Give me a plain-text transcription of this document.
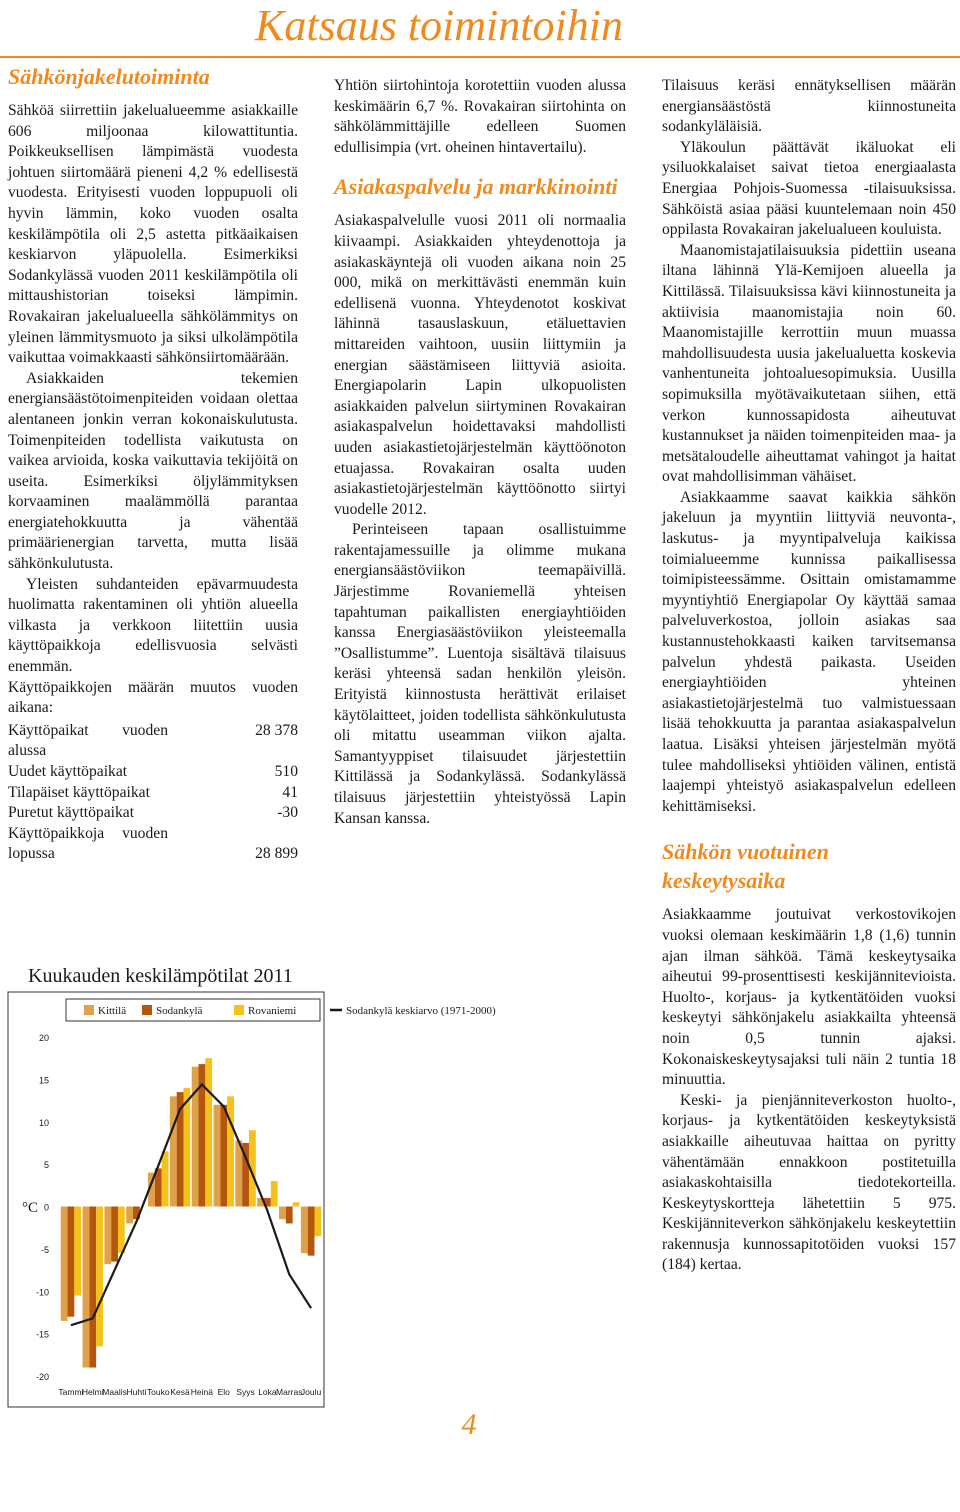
Katsaus toimintoihin
Sähkönjakelutoiminta

Sähköä siirrettiin jakelualueemme asiakkaille 606 miljoonaa kilowattituntia. Poikkeuksellisen lämpimästä vuodesta johtuen siirtomäärä pieneni 4,2 % edellisestä vuodesta. Erityisesti vuoden loppupuoli oli hyvin lämmin, koko vuoden osalta keskilämpötila oli 2,5 astetta pitkäaikaisen keskiarvon yläpuolella. Esimerkiksi Sodankylässä vuoden 2011 keskilämpötila oli mittaushistorian toiseksi lämpimin. Rovakairan jakelualueella sähkölämmitys on yleinen lämmitysmuoto ja siksi ulkolämpötila vaikuttaa voimakkaasti sähkönsiirtomäärään.

Asiakkaiden tekemien energiansäästötoimenpiteiden voidaan olettaa alentaneen jonkin verran kokonaiskulutusta. Toimenpiteiden todellista vaikutusta on vaikea arvioida, koska vaikuttavia tekijöitä on useita. Esimerkiksi öljylämmityksen korvaaminen maalämmöllä parantaa energiatehokkuutta ja vähentää primäärienergian tarvetta, mutta lisää sähkönkulutusta.

Yleisten suhdanteiden epävarmuudesta huolimatta rakentaminen oli yhtiön alueella vilkasta ja verkkoon liitettiin uusia käyttöpaikkoja edellisvuosia selvästi enemmän.

Käyttöpaikkojen määrän muutos vuoden aikana:

Käyttöpaikat vuoden alussa	28 378
Uudet käyttöpaikat	510
Tilapäiset käyttöpaikat	41
Puretut käyttöpaikat	-30
Käyttöpaikkoja vuoden lopussa	28 899

Yhtiön siirtohintoja korotettiin vuoden alussa keskimäärin 6,7 %. Rovakairan siirtohinta on sähkölämmittäjille edelleen Suomen edullisimpia (vrt. oheinen hintavertailu).

Asiakaspalvelu ja markkinointi

Asiakaspalvelulle vuosi 2011 oli normaalia kiivaampi. Asiakkaiden yhteydenottoja ja asiakaskäyntejä oli vuoden aikana noin 25 000, mikä on merkittävästi enemmän kuin edellisenä vuonna. Yhteydenotot koskivat lähinnä tasauslaskuun, etäluettavien mittareiden vaihtoon, uusiin liittymiin ja energian säästämiseen liittyviä asioita. Energiapolarin Lapin ulkopuolisten asiakkaiden palvelun siirtyminen Rovakairan asiakaspalvelun hoidettavaksi mahdollisti uuden asiakastietojärjestelmän käyttöönoton etuajassa. Rovakairan osalta uuden asiakastietojärjestelmän käyttöönotto siirtyi vuodelle 2012.

Perinteiseen tapaan osallistuimme rakentajamessuille ja olimme mukana energiansäästöviikon teemapäivillä. Järjestimme Rovaniemellä yhteisen tapahtuman paikallisten energiayhtiöiden kanssa Energiasäästöviikon yleisteemalla ”Osallistumme”. Luentoja sisältävä tilaisuus keräsi yhteensä sadan henkilön yleisön. Erityistä kiinnostusta herättivät erilaiset käytölaitteet, joiden todellista sähkönkulutusta oli mitattu useamman viikon ajalta. Samantyyppiset tilaisuudet järjestettiin Kittilässä ja Sodankylässä. Sodankylässä tilaisuus järjestettiin yhteistyössä Lapin Kansan kanssa.

Tilaisuus keräsi ennätyksellisen määrän energiansäästöstä kiinnostuneita sodankyläläisiä.

Yläkoulun päättävät ikäluokat eli ysiluokkalaiset saivat tietoa energiaalasta Energiaa Pohjois-Suomessa -tilaisuuksissa. Sähköistä asiaa pääsi kuuntelemaan noin 450 oppilasta Rovakairan jakelualueen kouluista.

Maanomistajatilaisuuksia pidettiin useana iltana lähinnä Ylä-Kemijoen alueella ja Kittilässä. Tilaisuuksissa kävi kiinnostuneita ja aktiivisia maanomistajia noin 60. Maanomistajille kerrottiin muun muassa mahdollisuudesta uusia jakelualuetta koskevia vanhentuneita johtoaluesopimuksia. Uusilla sopimuksilla myötävaikutetaan siihen, että verkon kunnossapidosta aiheutuvat kustannukset ja näiden toimenpiteiden maa- ja metsätaloudelle aiheuttamat vahingot ja haitat ovat mahdollisimman vähäiset.

Asiakkaamme saavat kaikkia sähkön jakeluun ja myyntiin liittyviä neuvonta-, laskutus- ja myyntipalveluja kaikissa toimialueemme kunnissa paikallisessa toimipisteessämme. Osittain omistamamme myyntiyhtiö Energiapolar Oy käyttää samaa palveluverkostoa, jolloin asiakas saa kustannustehokkaasti kaiken tarvitsemansa palvelun yhdestä paikasta. Useiden energiayhtiöiden yhteinen asiakastietojärjestelmä tuo valmistuessaan lisää tehokkuutta ja parantaa asiakaspalvelun laatua. Lisäksi yhteisen järjestelmän myötä tulee mahdolliseksi yhtiöiden välinen, entistä laajempi yhteistyö asiakaspalvelun edelleen kehittämiseksi.

Sähkön vuotuinen keskeytysaika

Asiakkaamme joutuivat verkostovikojen vuoksi olemaan keskimäärin 1,8 (1,6) tunnin ajan ilman sähköä. Tämä keskeytysaika aiheutui 99-prosenttisesti keskijännitevioista. Huolto-, korjaus- ja kytkentätöiden vuoksi keskeytyi sähkönjakelu asiakkailta yhteensä noin 0,5 tunnin ajaksi. Kokonaiskeskeytysajaksi tuli näin 2 tuntia 18 minuuttia.

Keski- ja pienjänniteverkoston huolto-, korjaus- ja kytkentätöiden keskeytyksistä asiakkaille aiheutuvaa haittaa on pyritty vähentämään ennakkoon postitetuilla asiakaskohtaisilla tiedotekorteilla. Keskeytyskortteja lähetettiin 5 975. Keskijänniteverkon sähkönjakelu keskeytettiin rakennusja kunnossapitotöiden vuoksi 157 (184) kertaa.

Kuukauden keskilämpötilat 2011
Kittilä	Sodankylä	Rovaniemi	Sodankylä keskiarvo (1971-2000)
20
15
10
5
0
-5
-10
-15
-20
Tammi
Helmi
Maalis Huhti Touko Kesä Heinä Elo Syys Loka Marras
Joulu
°C
4
